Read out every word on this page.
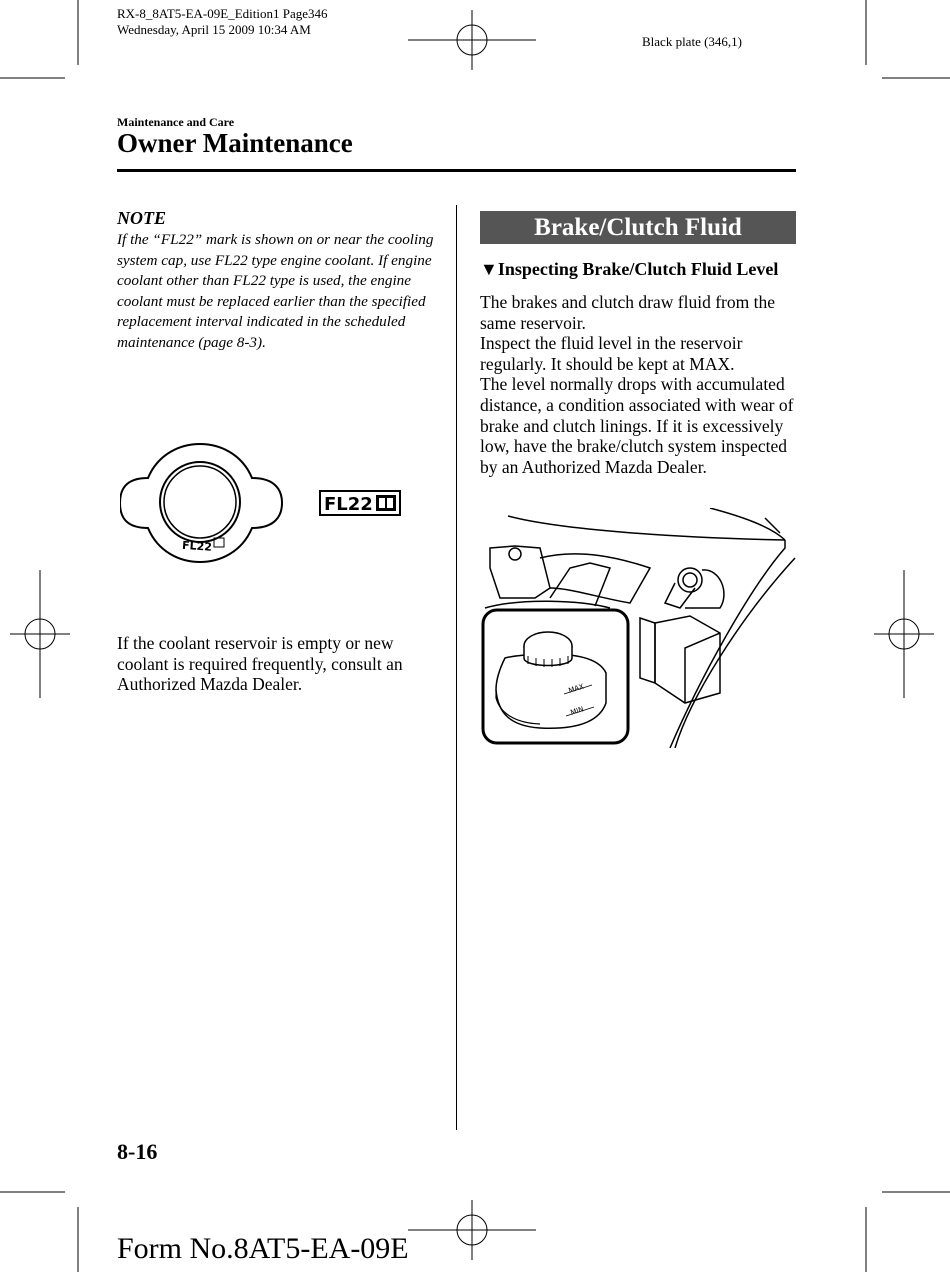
RX-8_8AT5-EA-09E_Edition1 Page346
Wednesday, April 15 2009 10:34 AM
Black plate (346,1)
Maintenance and Care
Owner Maintenance
NOTE
If the “FL22” mark is shown on or near the cooling system cap, use FL22 type engine coolant. If engine coolant other than FL22 type is used, the engine coolant must be replaced earlier than the specified replacement interval indicated in the scheduled maintenance (page 8-3).
FL22
FL22
If the coolant reservoir is empty or new coolant is required frequently, consult an Authorized Mazda Dealer.
Brake/Clutch Fluid
▼Inspecting Brake/Clutch Fluid Level
The brakes and clutch draw fluid from the same reservoir.
Inspect the fluid level in the reservoir regularly. It should be kept at MAX.
The level normally drops with accumulated distance, a condition associated with wear of brake and clutch linings. If it is excessively low, have the brake/clutch system inspected by an Authorized Mazda Dealer.
MAX
MIN
8-16
Form No.8AT5-EA-09E
